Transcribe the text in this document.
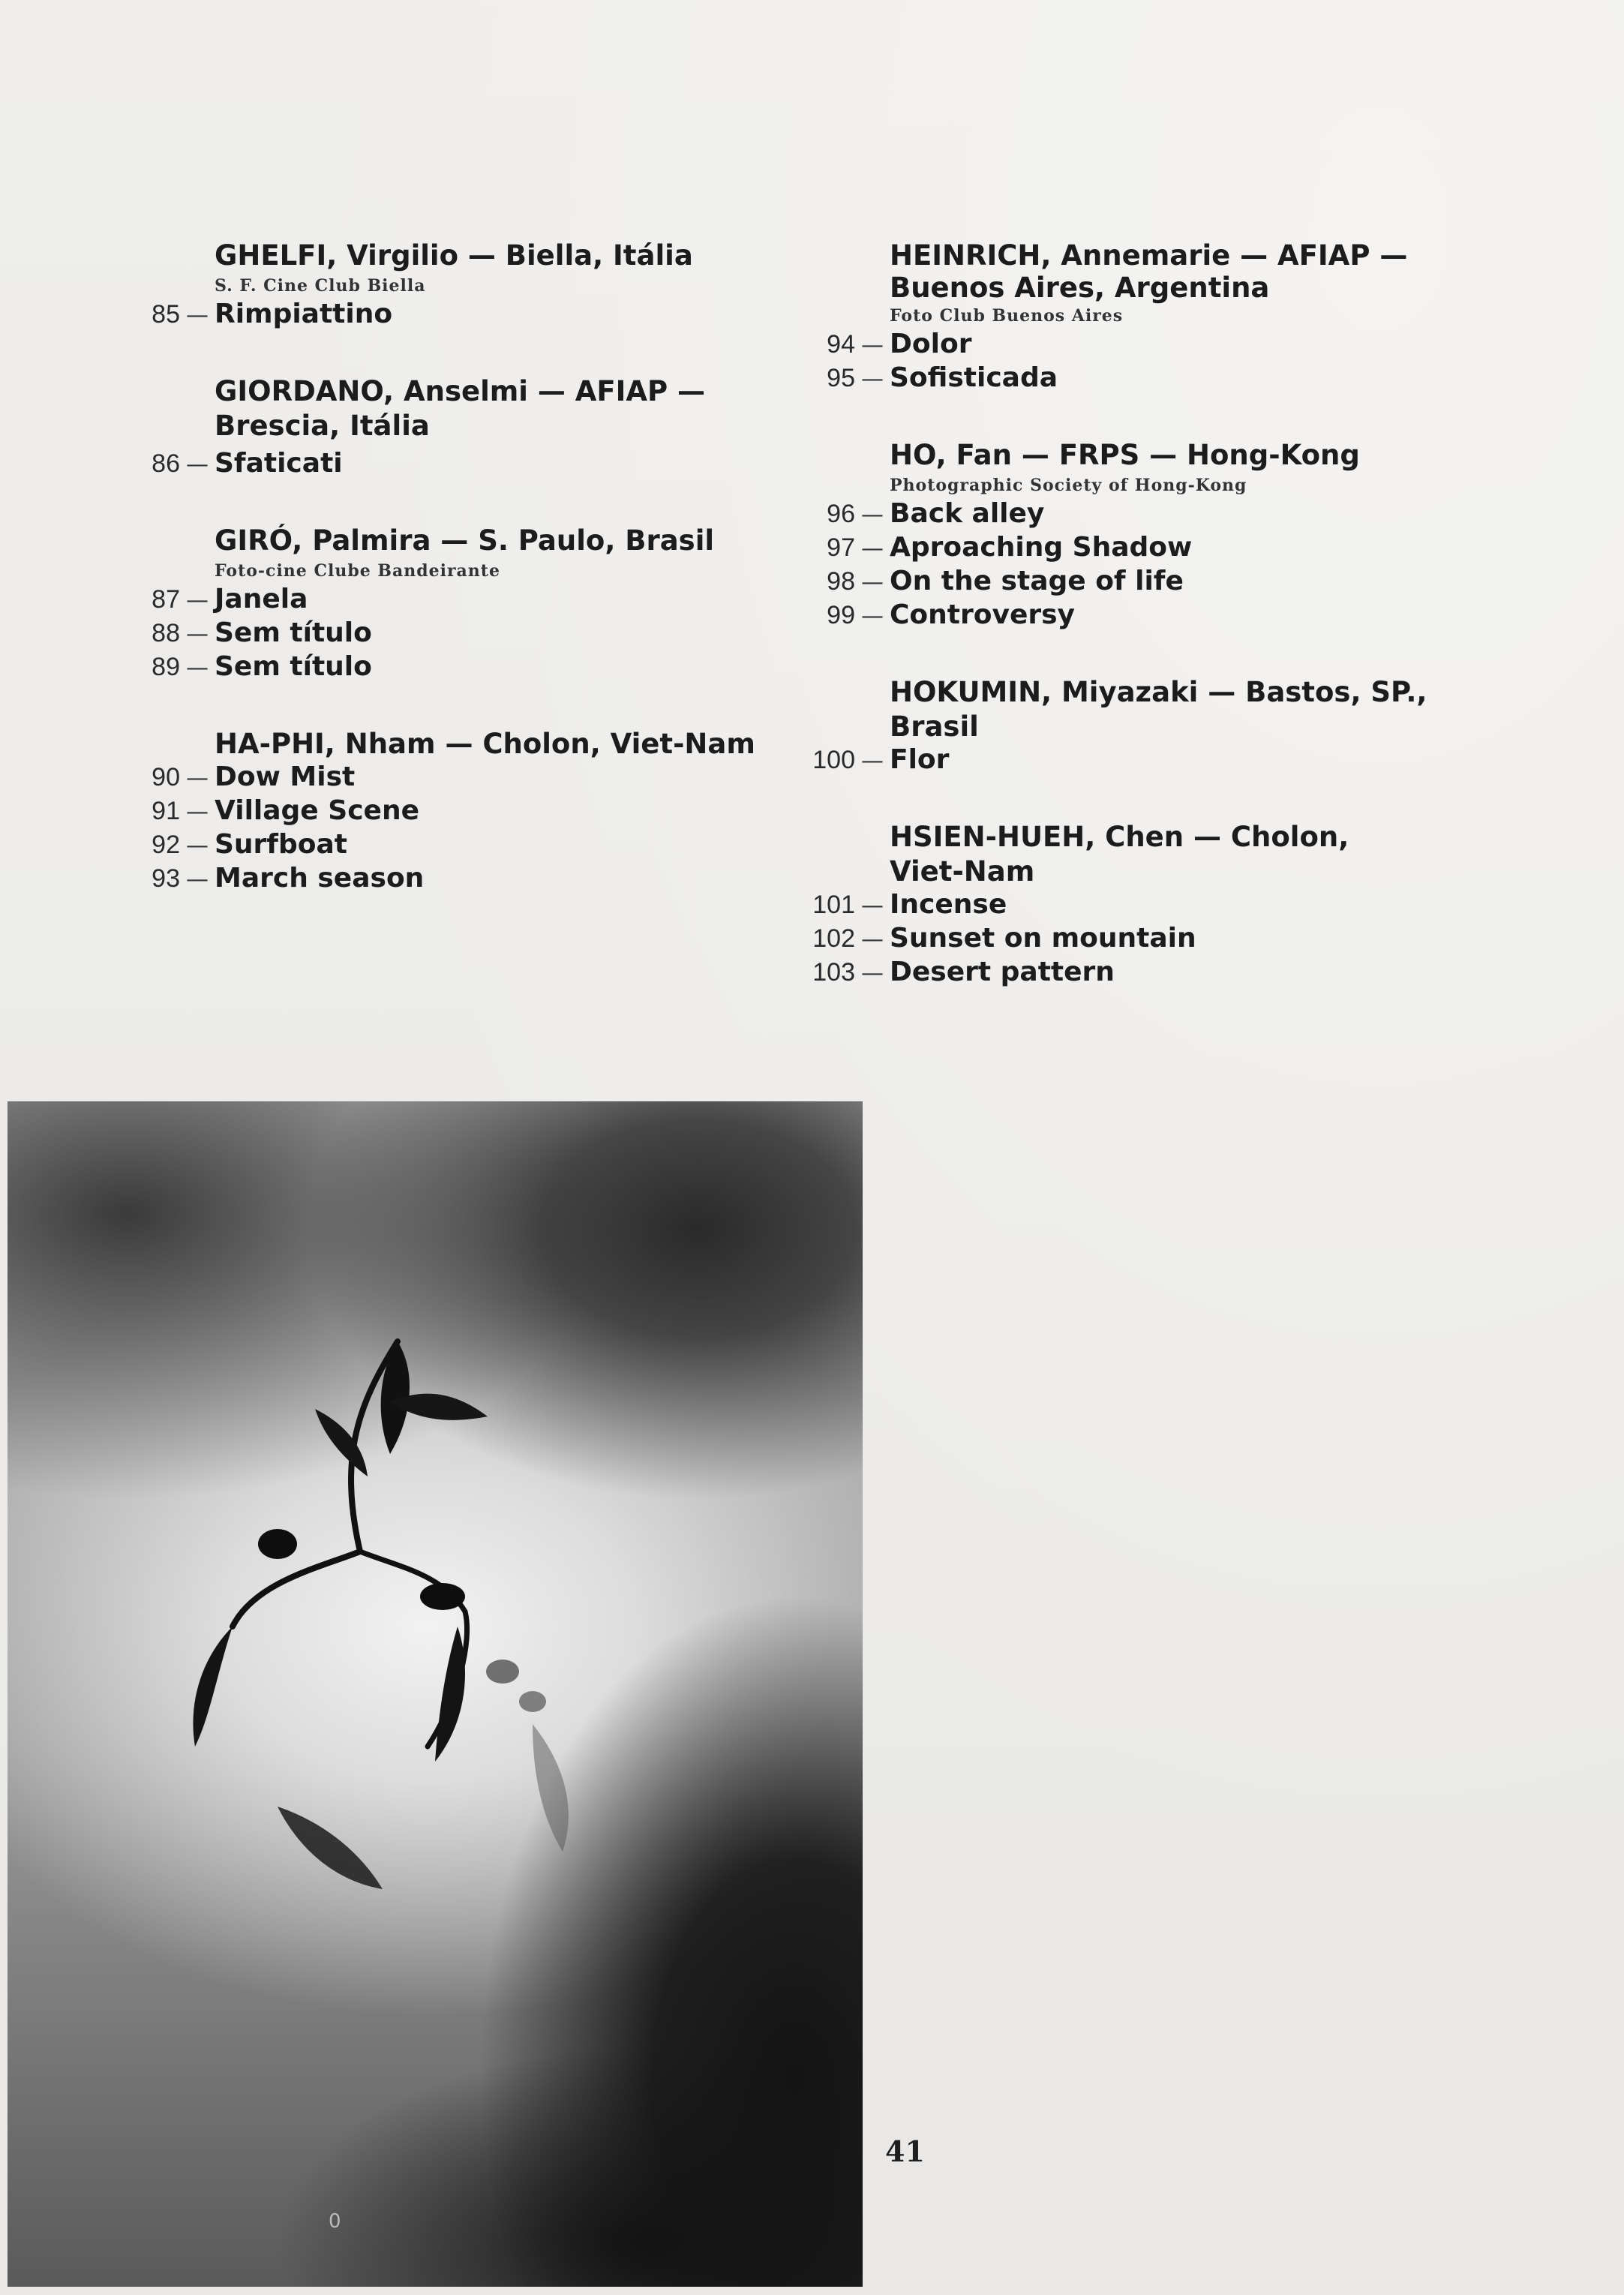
GHELFI, Virgilio — Biella, Itália
S. F. Cine Club Biella
85 — Rimpiattino
GIORDANO, Anselmi — AFIAP —
Brescia, Itália
86 — Sfaticati
GIRÓ, Palmira — S. Paulo, Brasil
Foto-cine Clube Bandeirante
87 — Janela
88 — Sem título
89 — Sem título
HA-PHI, Nham — Cholon, Viet-Nam
90 — Dow Mist
91 — Village Scene
92 — Surfboat
93 — March season
HEINRICH, Annemarie — AFIAP —
Buenos Aires, Argentina
Foto Club Buenos Aires
94 — Dolor
95 — Sofisticada
HO, Fan — FRPS — Hong-Kong
Photographic Society of Hong-Kong
96 — Back alley
97 — Aproaching Shadow
98 — On the stage of life
99 — Controversy
HOKUMIN, Miyazaki — Bastos, SP.,
Brasil
100 — Flor
HSIEN-HUEH, Chen — Cholon,
Viet-Nam
101 — Incense
102 — Sunset on mountain
103 — Desert pattern
0
41
